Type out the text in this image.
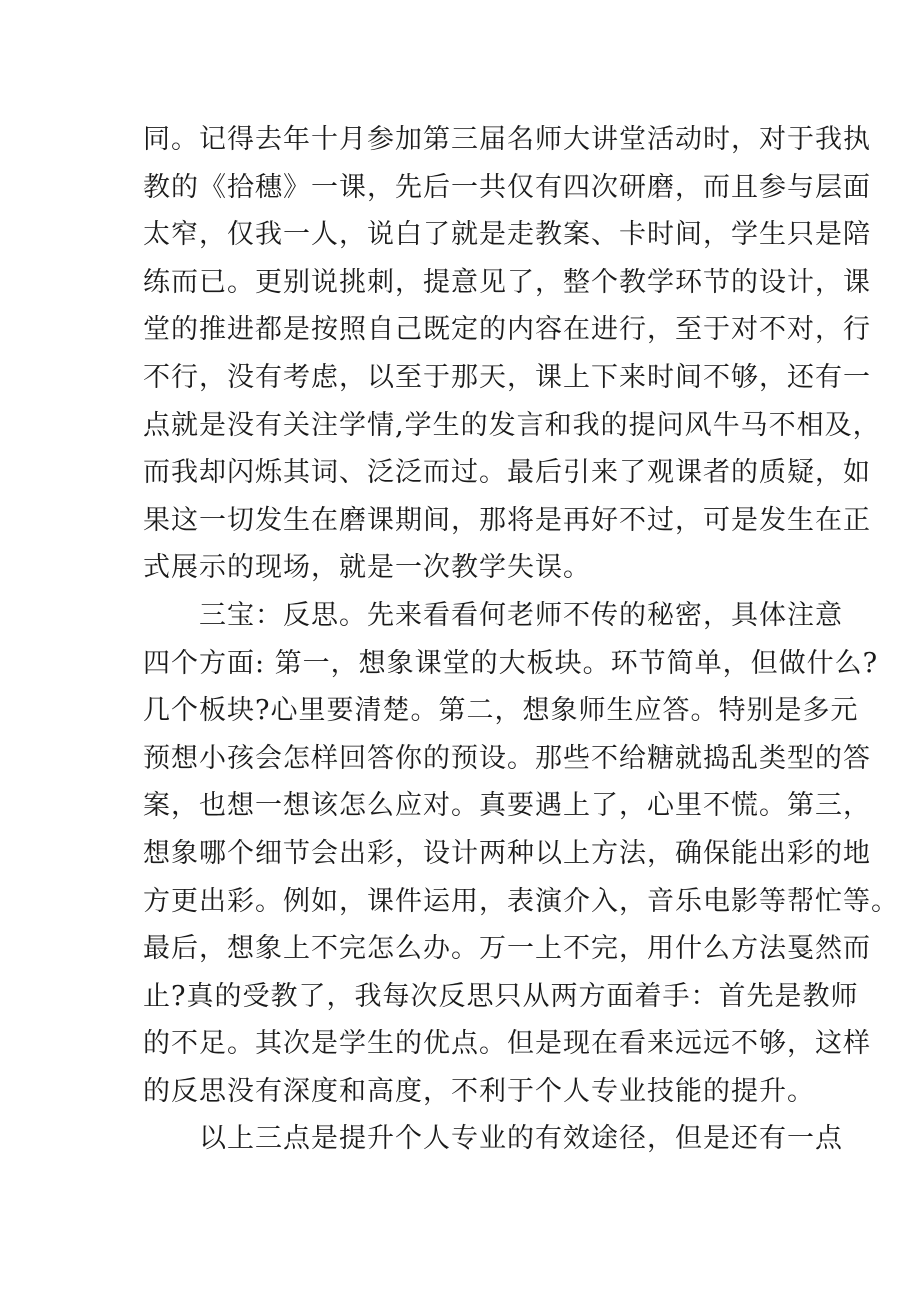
同。记得去年十月参加第三届名师大讲堂活动时，对于我执
教的《拾穗》一课，先后一共仅有四次研磨，而且参与层面
太窄，仅我一人，说白了就是走教案、卡时间，学生只是陪
练而已。更别说挑刺，提意见了，整个教学环节的设计，课
堂的推进都是按照自己既定的内容在进行，至于对不对，行
不行，没有考虑，以至于那天，课上下来时间不够，还有一
点就是没有关注学情,学生的发言和我的提问风牛马不相及，
而我却闪烁其词、泛泛而过。最后引来了观课者的质疑，如
果这一切发生在磨课期间，那将是再好不过，可是发生在正
式展示的现场，就是一次教学失误。
三宝：反思。先来看看何老师不传的秘密，具体注意
四个方面: 第一，想象课堂的大板块。环节简单，但做什么?
几个板块?心里要清楚。第二，想象师生应答。特别是多元
预想小孩会怎样回答你的预设。那些不给糖就捣乱类型的答
案，也想一想该怎么应对。真要遇上了，心里不慌。第三，
想象哪个细节会出彩，设计两种以上方法，确保能出彩的地
方更出彩。例如，课件运用，表演介入，音乐电影等帮忙等。
最后，想象上不完怎么办。万一上不完，用什么方法戛然而
止?真的受教了，我每次反思只从两方面着手：首先是教师
的不足。其次是学生的优点。但是现在看来远远不够，这样
的反思没有深度和高度，不利于个人专业技能的提升。
以上三点是提升个人专业的有效途径，但是还有一点
